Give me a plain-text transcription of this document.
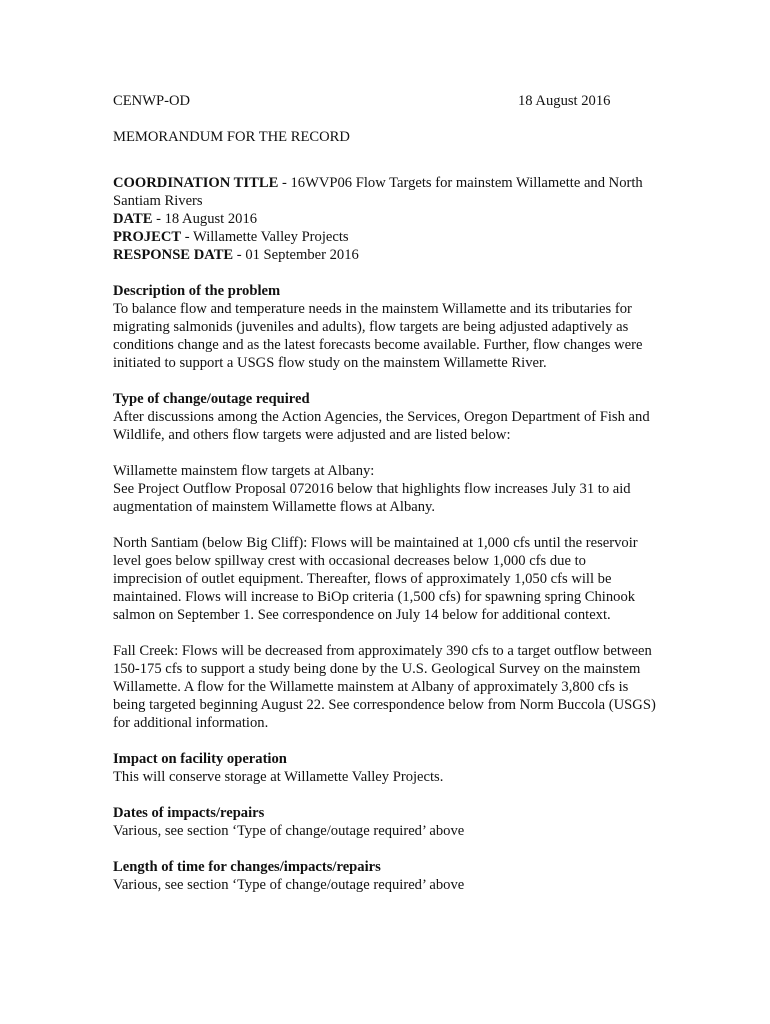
CENWP-OD	18 August 2016
MEMORANDUM FOR THE RECORD

COORDINATION TITLE - 16WVP06 Flow Targets for mainstem Willamette and North Santiam Rivers

DATE - 18 August 2016

PROJECT - Willamette Valley Projects

RESPONSE DATE - 01 September 2016

Description of the problem

To balance flow and temperature needs in the mainstem Willamette and its tributaries for migrating salmonids (juveniles and adults), flow targets are being adjusted adaptively as conditions change and as the latest forecasts become available. Further, flow changes were initiated to support a USGS flow study on the mainstem Willamette River.

Type of change/outage required

After discussions among the Action Agencies, the Services, Oregon Department of Fish and Wildlife, and others flow targets were adjusted and are listed below:

Willamette mainstem flow targets at Albany:

See Project Outflow Proposal 072016 below that highlights flow increases July 31 to aid augmentation of mainstem Willamette flows at Albany.

North Santiam (below Big Cliff): Flows will be maintained at 1,000 cfs until the reservoir level goes below spillway crest with occasional decreases below 1,000 cfs due to imprecision of outlet equipment. Thereafter, flows of approximately 1,050 cfs will be maintained. Flows will increase to BiOp criteria (1,500 cfs) for spawning spring Chinook salmon on September 1. See correspondence on July 14 below for additional context.

Fall Creek: Flows will be decreased from approximately 390 cfs to a target outflow between 150-175 cfs to support a study being done by the U.S. Geological Survey on the mainstem Willamette. A flow for the Willamette mainstem at Albany of approximately 3,800 cfs is being targeted beginning August 22. See correspondence below from Norm Buccola (USGS) for additional information.

Impact on facility operation

This will conserve storage at Willamette Valley Projects.

Dates of impacts/repairs

Various, see section ‘Type of change/outage required’ above

Length of time for changes/impacts/repairs

Various, see section ‘Type of change/outage required’ above
